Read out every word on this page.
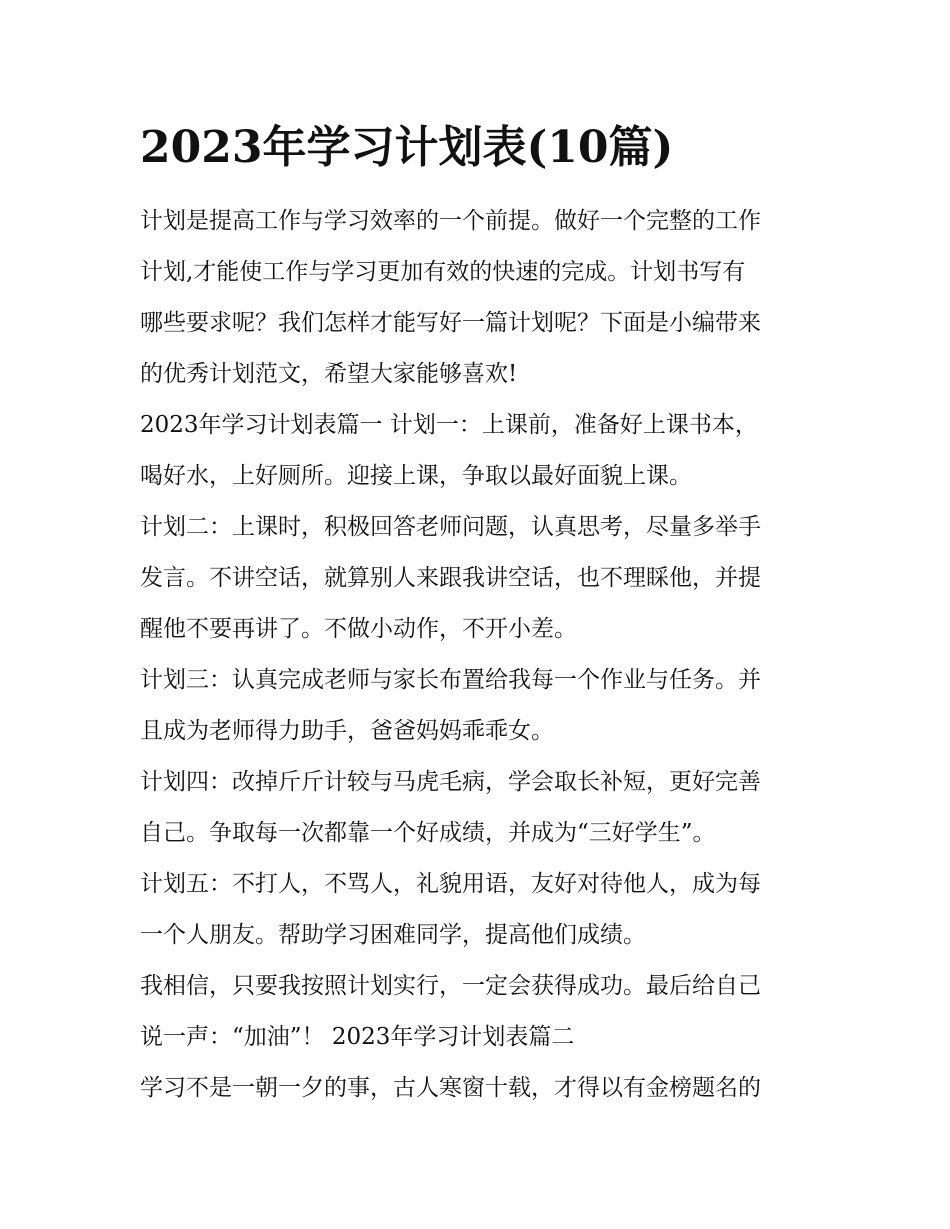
2023年学习计划表(10篇)

计划是提高工作与学习效率的一个前提。做好一个完整的工作
计划,才能使工作与学习更加有效的快速的完成。计划书写有
哪些要求呢？我们怎样才能写好一篇计划呢？下面是小编带来
的优秀计划范文，希望大家能够喜欢!

2023年学习计划表篇一 计划一：上课前，准备好上课书本，
喝好水，上好厕所。迎接上课，争取以最好面貌上课。

计划二：上课时，积极回答老师问题，认真思考，尽量多举手
发言。不讲空话，就算别人来跟我讲空话，也不理睬他，并提
醒他不要再讲了。不做小动作，不开小差。

计划三：认真完成老师与家长布置给我每一个作业与任务。并
且成为老师得力助手，爸爸妈妈乖乖女。

计划四：改掉斤斤计较与马虎毛病，学会取长补短，更好完善
自己。争取每一次都靠一个好成绩，并成为“三好学生”。

计划五：不打人，不骂人，礼貌用语，友好对待他人，成为每
一个人朋友。帮助学习困难同学，提高他们成绩。

我相信，只要我按照计划实行，一定会获得成功。最后给自己
说一声：“加油”！ 2023年学习计划表篇二

学习不是一朝一夕的事，古人寒窗十载，才得以有金榜题名的
